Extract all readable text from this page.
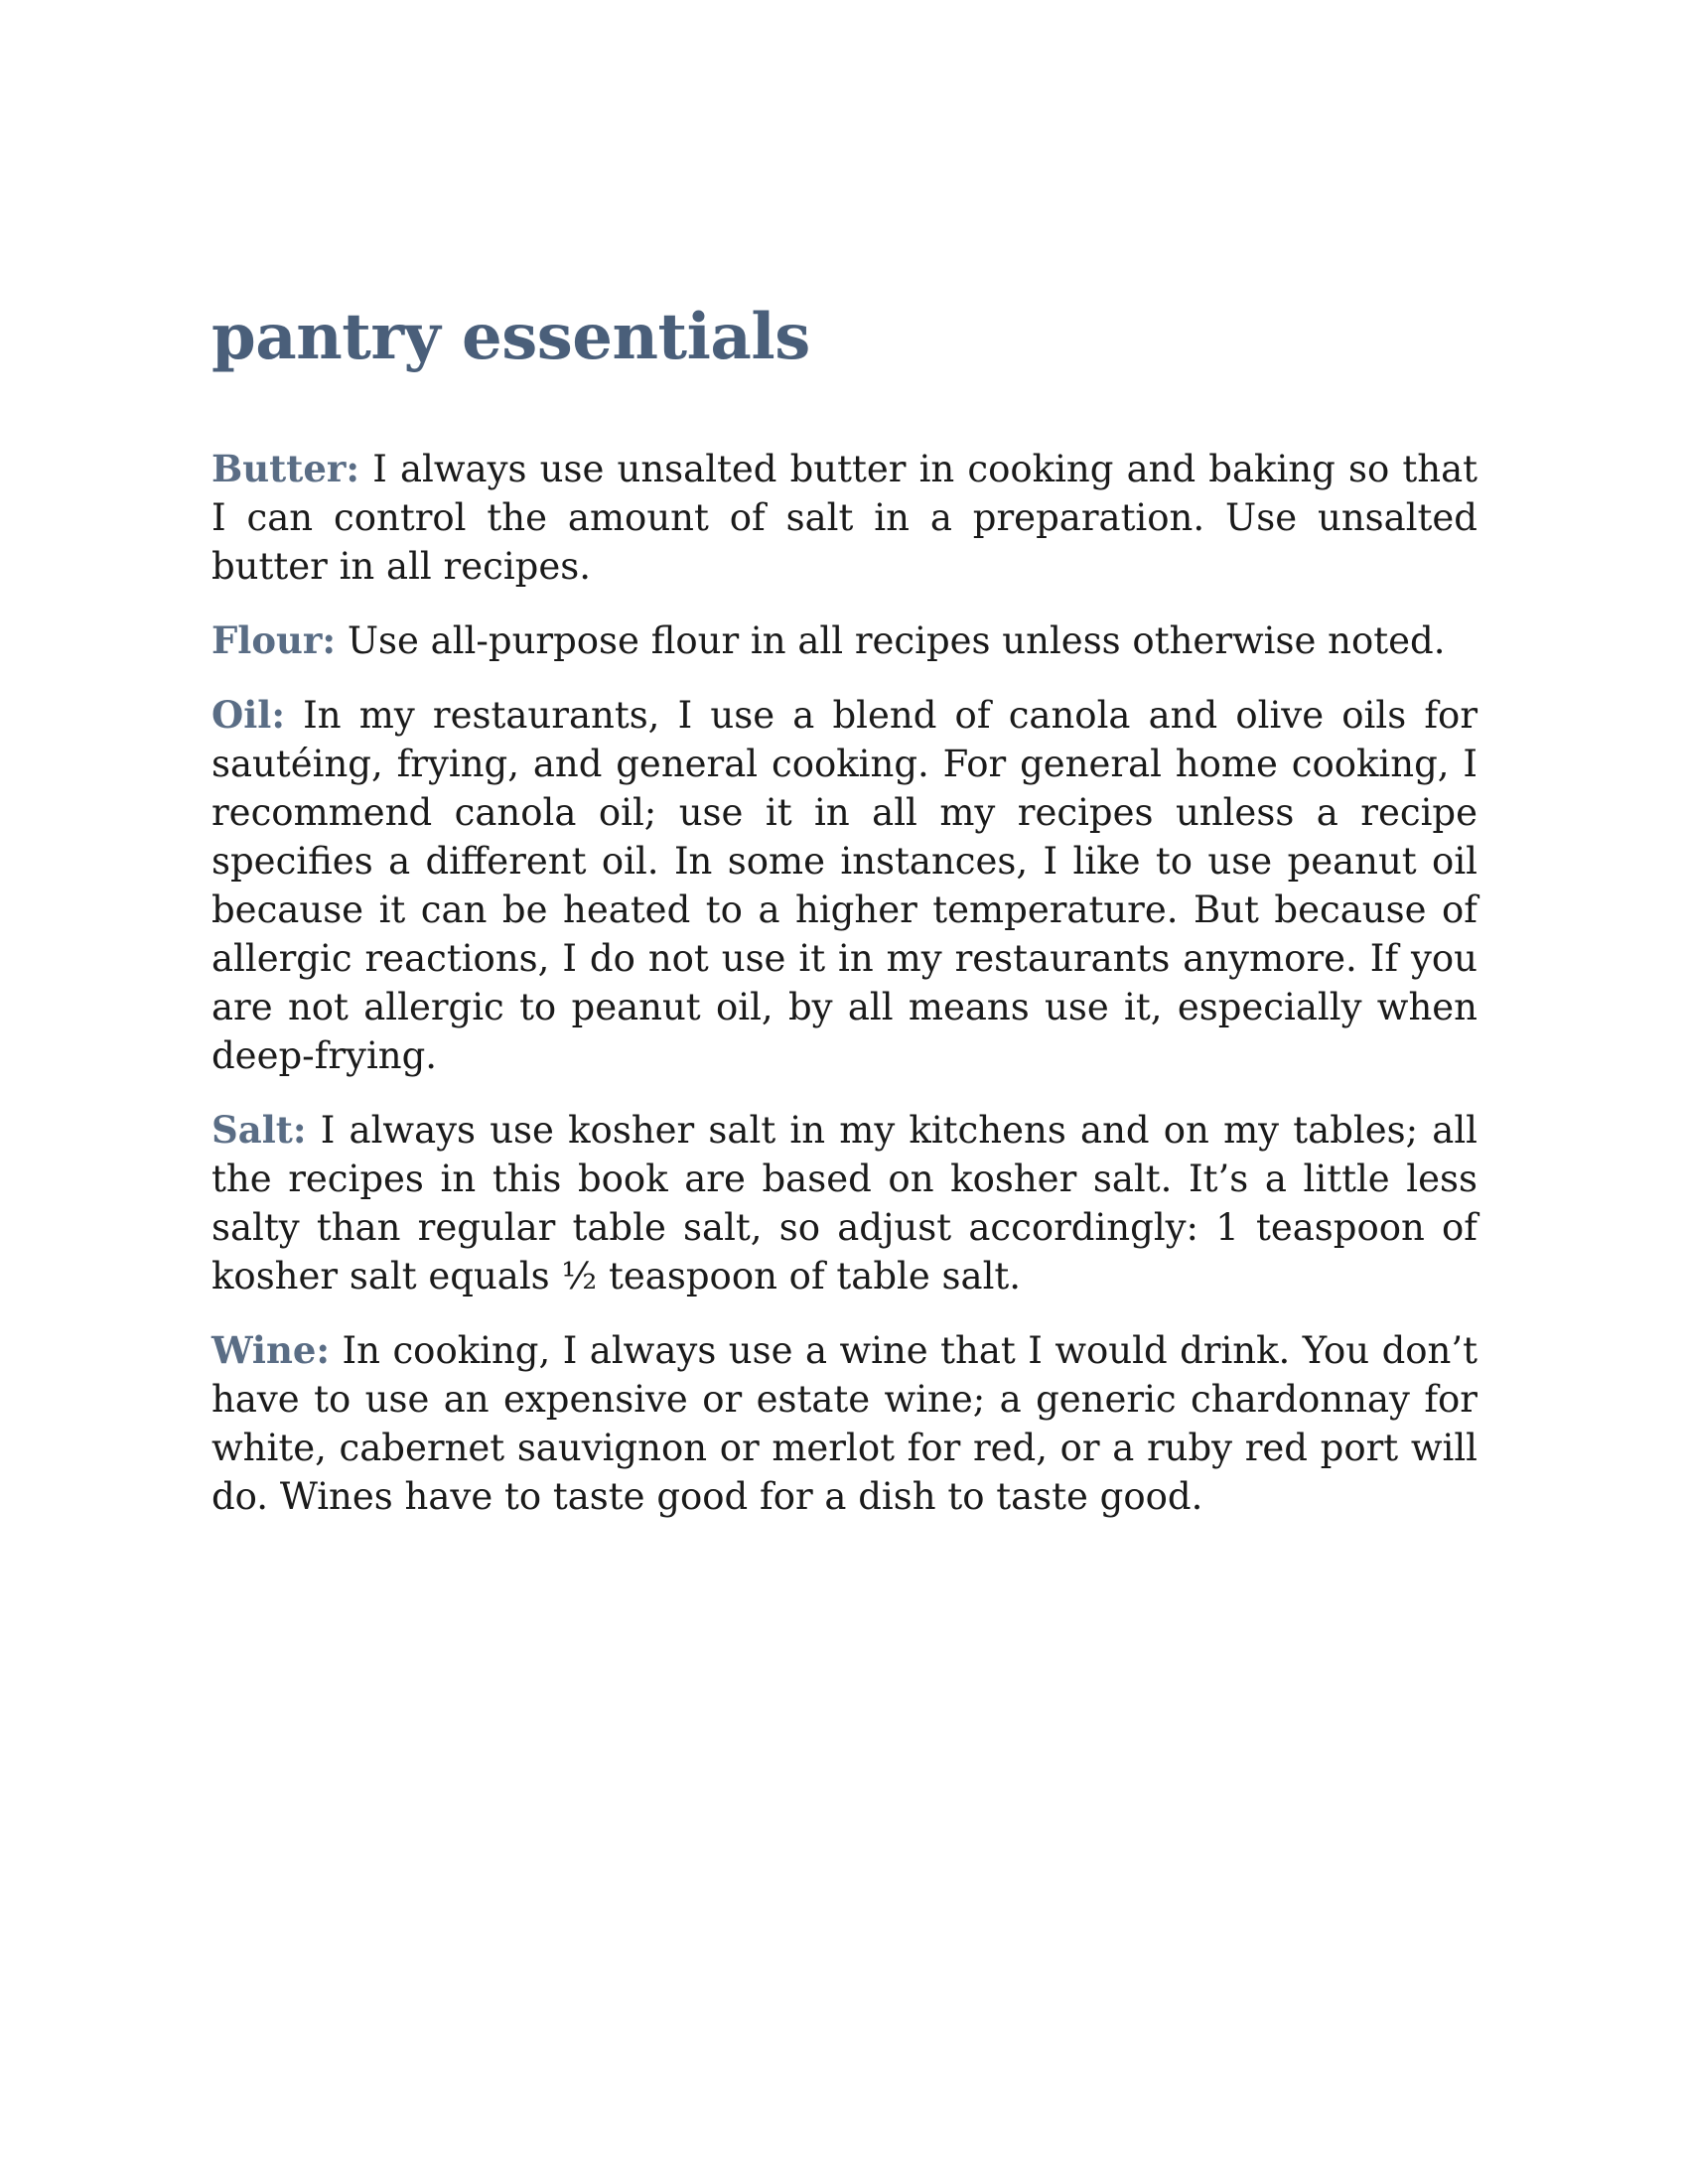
pantry essentials

Butter: I always use unsalted butter in cooking and baking so that I can control the amount of salt in a preparation. Use unsalted butter in all recipes.

Flour: Use all-purpose flour in all recipes unless otherwise noted.

Oil: In my restaurants, I use a blend of canola and olive oils for sautéing, frying, and general cooking. For general home cooking, I recommend canola oil; use it in all my recipes unless a recipe specifies a different oil. In some instances, I like to use peanut oil because it can be heated to a higher temperature. But because of allergic reactions, I do not use it in my restaurants anymore. If you are not allergic to peanut oil, by all means use it, especially when deep-frying.

Salt: I always use kosher salt in my kitchens and on my tables; all the recipes in this book are based on kosher salt. It’s a little less salty than regular table salt, so adjust accordingly: 1 teaspoon of kosher salt equals ½ teaspoon of table salt.

Wine: In cooking, I always use a wine that I would drink. You don’t have to use an expensive or estate wine; a generic chardonnay for white, cabernet sauvignon or merlot for red, or a ruby red port will do. Wines have to taste good for a dish to taste good.
